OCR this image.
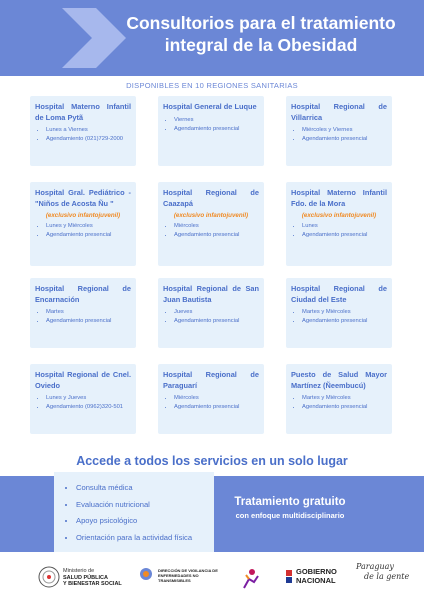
Consultorios para el tratamiento
integral de la Obesidad
DISPONIBLES EN 10 REGIONES SANITARIAS
Hospital Materno Infantil de Loma Pytã
• Lunes a Viernes
• Agendamiento (021)729-2000
Hospital General de Luque
• Viernes
• Agendamiento presencial
Hospital Regional de Villarrica
• Miércoles y Viernes
• Agendamiento presencial
Hospital Gral. Pediátrico - "Niños de Acosta Ñu "
(exclusivo infantojuvenil)
• Lunes y Miércoles
• Agendamiento presencial
Hospital Regional de Caazapá
(exclusivo infantojuvenil)
• Miércoles
• Agendamiento presencial
Hospital Materno Infantil Fdo. de la Mora
(exclusivo infantojuvenil)
• Lunes
• Agendamiento presencial
Hospital Regional de Encarnación
• Martes
• Agendamiento presencial
Hospital Regional de San Juan Bautista
• Jueves
• Agendamiento presencial
Hospital Regional de Ciudad del Este
• Martes y Miércoles
• Agendamiento presencial
Hospital Regional de Cnel. Oviedo
• Lunes y Jueves
• Agendamiento (0962)320-501
Hospital Regional de Paraguarí
• Miércoles
• Agendamiento presencial
Puesto de Salud Mayor Martínez (Ñeembucú)
• Martes y Miércoles
• Agendamiento presencial
Accede a todos los servicios en un solo lugar
• Consulta médica
• Evaluación nutricional
• Apoyo psicológico
• Orientación para la actividad física
Tratamiento gratuito
con enfoque multidisciplinario
Ministerio de
SALUD PÚBLICA
Y BIENESTAR SOCIAL
DIRECCIÓN DE VIGILANCIA DE
ENFERMEDADES NO TRANSMISIBLES
GOBIERNO
NACIONAL
Paraguay
de la gente
